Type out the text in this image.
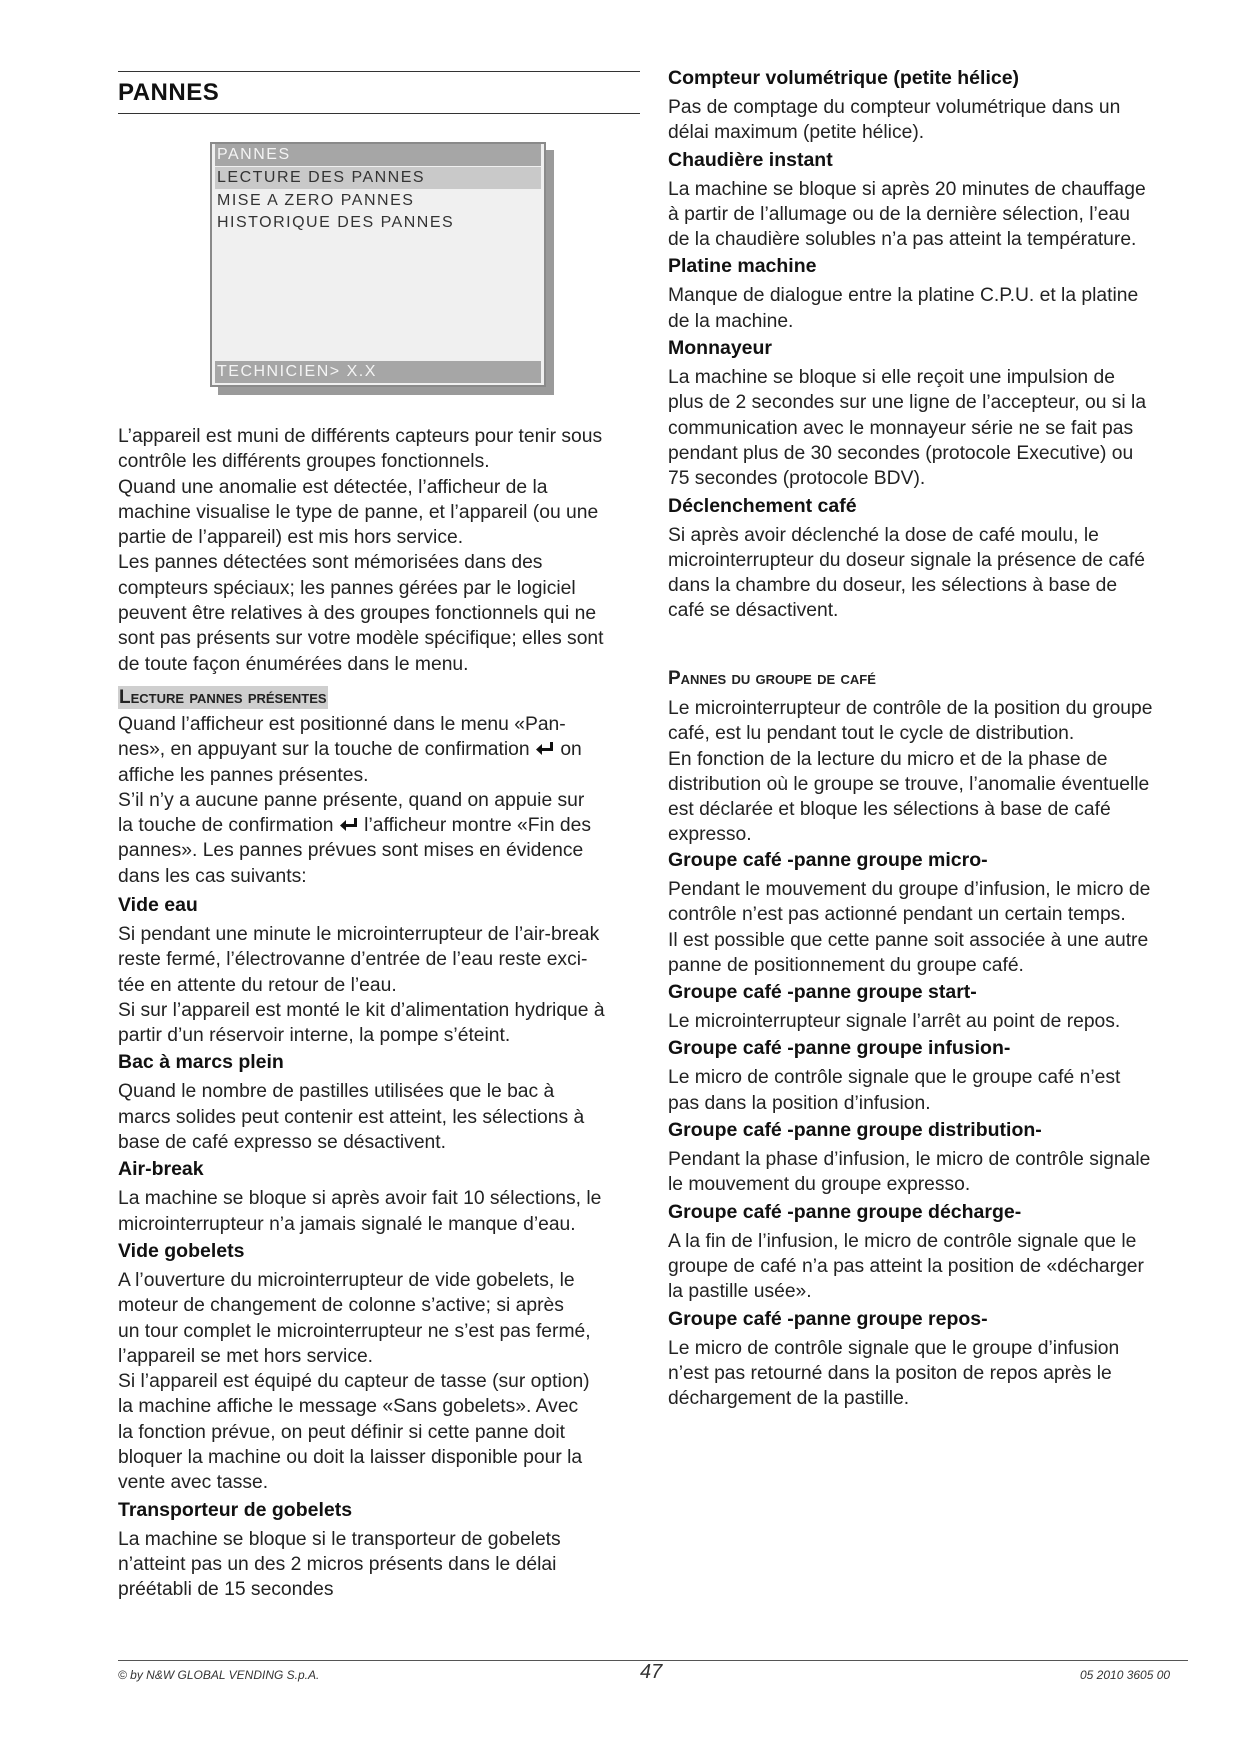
PANNES
PANNES
LECTURE DES PANNES
MISE A ZERO PANNES
HISTORIQUE DES PANNES
TECHNICIEN> X.X

L’appareil est muni de différents capteurs pour tenir sous

contrôle les différents groupes fonctionnels.

Quand une anomalie est détectée, l’afficheur de la

machine visualise le type de panne, et l’appareil (ou une

partie de l’appareil) est mis hors service.

Les pannes détectées sont mémorisées dans des

compteurs spéciaux; les pannes gérées par le logiciel

peuvent être relatives à des groupes fonctionnels qui ne

sont pas présents sur votre modèle spécifique; elles sont

de toute façon énumérées dans le menu.

Lecture pannes présentes

Quand l’afficheur est positionné dans le menu «Pan-

nes», en appuyant sur la touche de confirmation  on

affiche les pannes présentes.

S’il n’y a aucune panne présente, quand on appuie sur

la touche de confirmation  l’afficheur montre «Fin des

pannes». Les pannes prévues sont mises en évidence

dans les cas suivants:

Vide eau

Si pendant une minute le microinterrupteur de l’air-break

reste fermé, l’électrovanne d’entrée de l’eau reste exci-

tée en attente du retour de l’eau.

Si sur l’appareil est monté le kit d’alimentation hydrique à

partir d’un réservoir interne, la pompe s’éteint.

Bac à marcs plein

Quand le nombre de pastilles utilisées que le bac à

marcs solides peut contenir est atteint, les sélections à

base de café expresso se désactivent.

Air-break

La machine se bloque si après avoir fait 10 sélections, le

microinterrupteur n’a jamais signalé le manque d’eau.

Vide gobelets

A l’ouverture du microinterrupteur de vide gobelets, le

moteur de changement de colonne s’active; si après

un tour complet le microinterrupteur ne s’est pas fermé,

l’appareil se met hors service.

Si l’appareil est équipé du capteur de tasse (sur option)

la machine affiche le message «Sans gobelets». Avec

la fonction prévue, on peut définir si cette panne doit

bloquer la machine ou doit la laisser disponible pour la

vente avec tasse.

Transporteur de gobelets

La machine se bloque si le transporteur de gobelets

n’atteint pas un des 2 micros présents dans le délai

préétabli de 15 secondes

Compteur volumétrique (petite hélice)

Pas de comptage du compteur volumétrique dans un

délai maximum (petite hélice).

Chaudière instant

La machine se bloque si après 20 minutes de chauffage

à partir de l’allumage ou de la dernière sélection, l’eau

de la chaudière solubles n’a pas atteint la température.

Platine machine

Manque de dialogue entre la platine C.P.U. et la platine

de la machine.

Monnayeur

La machine se bloque si elle reçoit une impulsion de

plus de 2 secondes sur une ligne de l’accepteur, ou si la

communication avec le monnayeur série ne se fait pas

pendant plus de 30 secondes (protocole Executive) ou

75 secondes (protocole BDV).

Déclenchement café

Si après avoir déclenché la dose de café moulu, le

microinterrupteur du doseur signale la présence de café

dans la chambre du doseur, les sélections à base de

café se désactivent.

Pannes du groupe de café

Le microinterrupteur de contrôle de la position du groupe

café, est lu pendant tout le cycle de distribution.

En fonction de la lecture du micro et de la phase de

distribution où le groupe se trouve, l’anomalie éventuelle

est déclarée et bloque les sélections à base de café

expresso.

Groupe café -panne groupe micro-

Pendant le mouvement du groupe d’infusion, le micro de

contrôle n’est pas actionné pendant un certain temps.

Il est possible que cette panne soit associée à une autre

panne de positionnement du groupe café.

Groupe café -panne groupe start-

Le microinterrupteur signale l’arrêt au point de repos.

Groupe café -panne groupe infusion-

Le micro de contrôle signale que le groupe café n’est

pas dans la position d’infusion.

Groupe café -panne groupe distribution-

Pendant la phase d’infusion, le micro de contrôle signale

le mouvement du groupe expresso.

Groupe café -panne groupe décharge-

A la fin de l’infusion, le micro de contrôle signale que le

groupe de café n’a pas atteint la position de «décharger

la pastille usée».

Groupe café -panne groupe repos-

Le micro de contrôle signale que le groupe d’infusion

n’est pas retourné dans la positon de repos après le

déchargement de la pastille.

© by N&W GLOBAL VENDING S.p.A.	47	05 2010 3605 00
